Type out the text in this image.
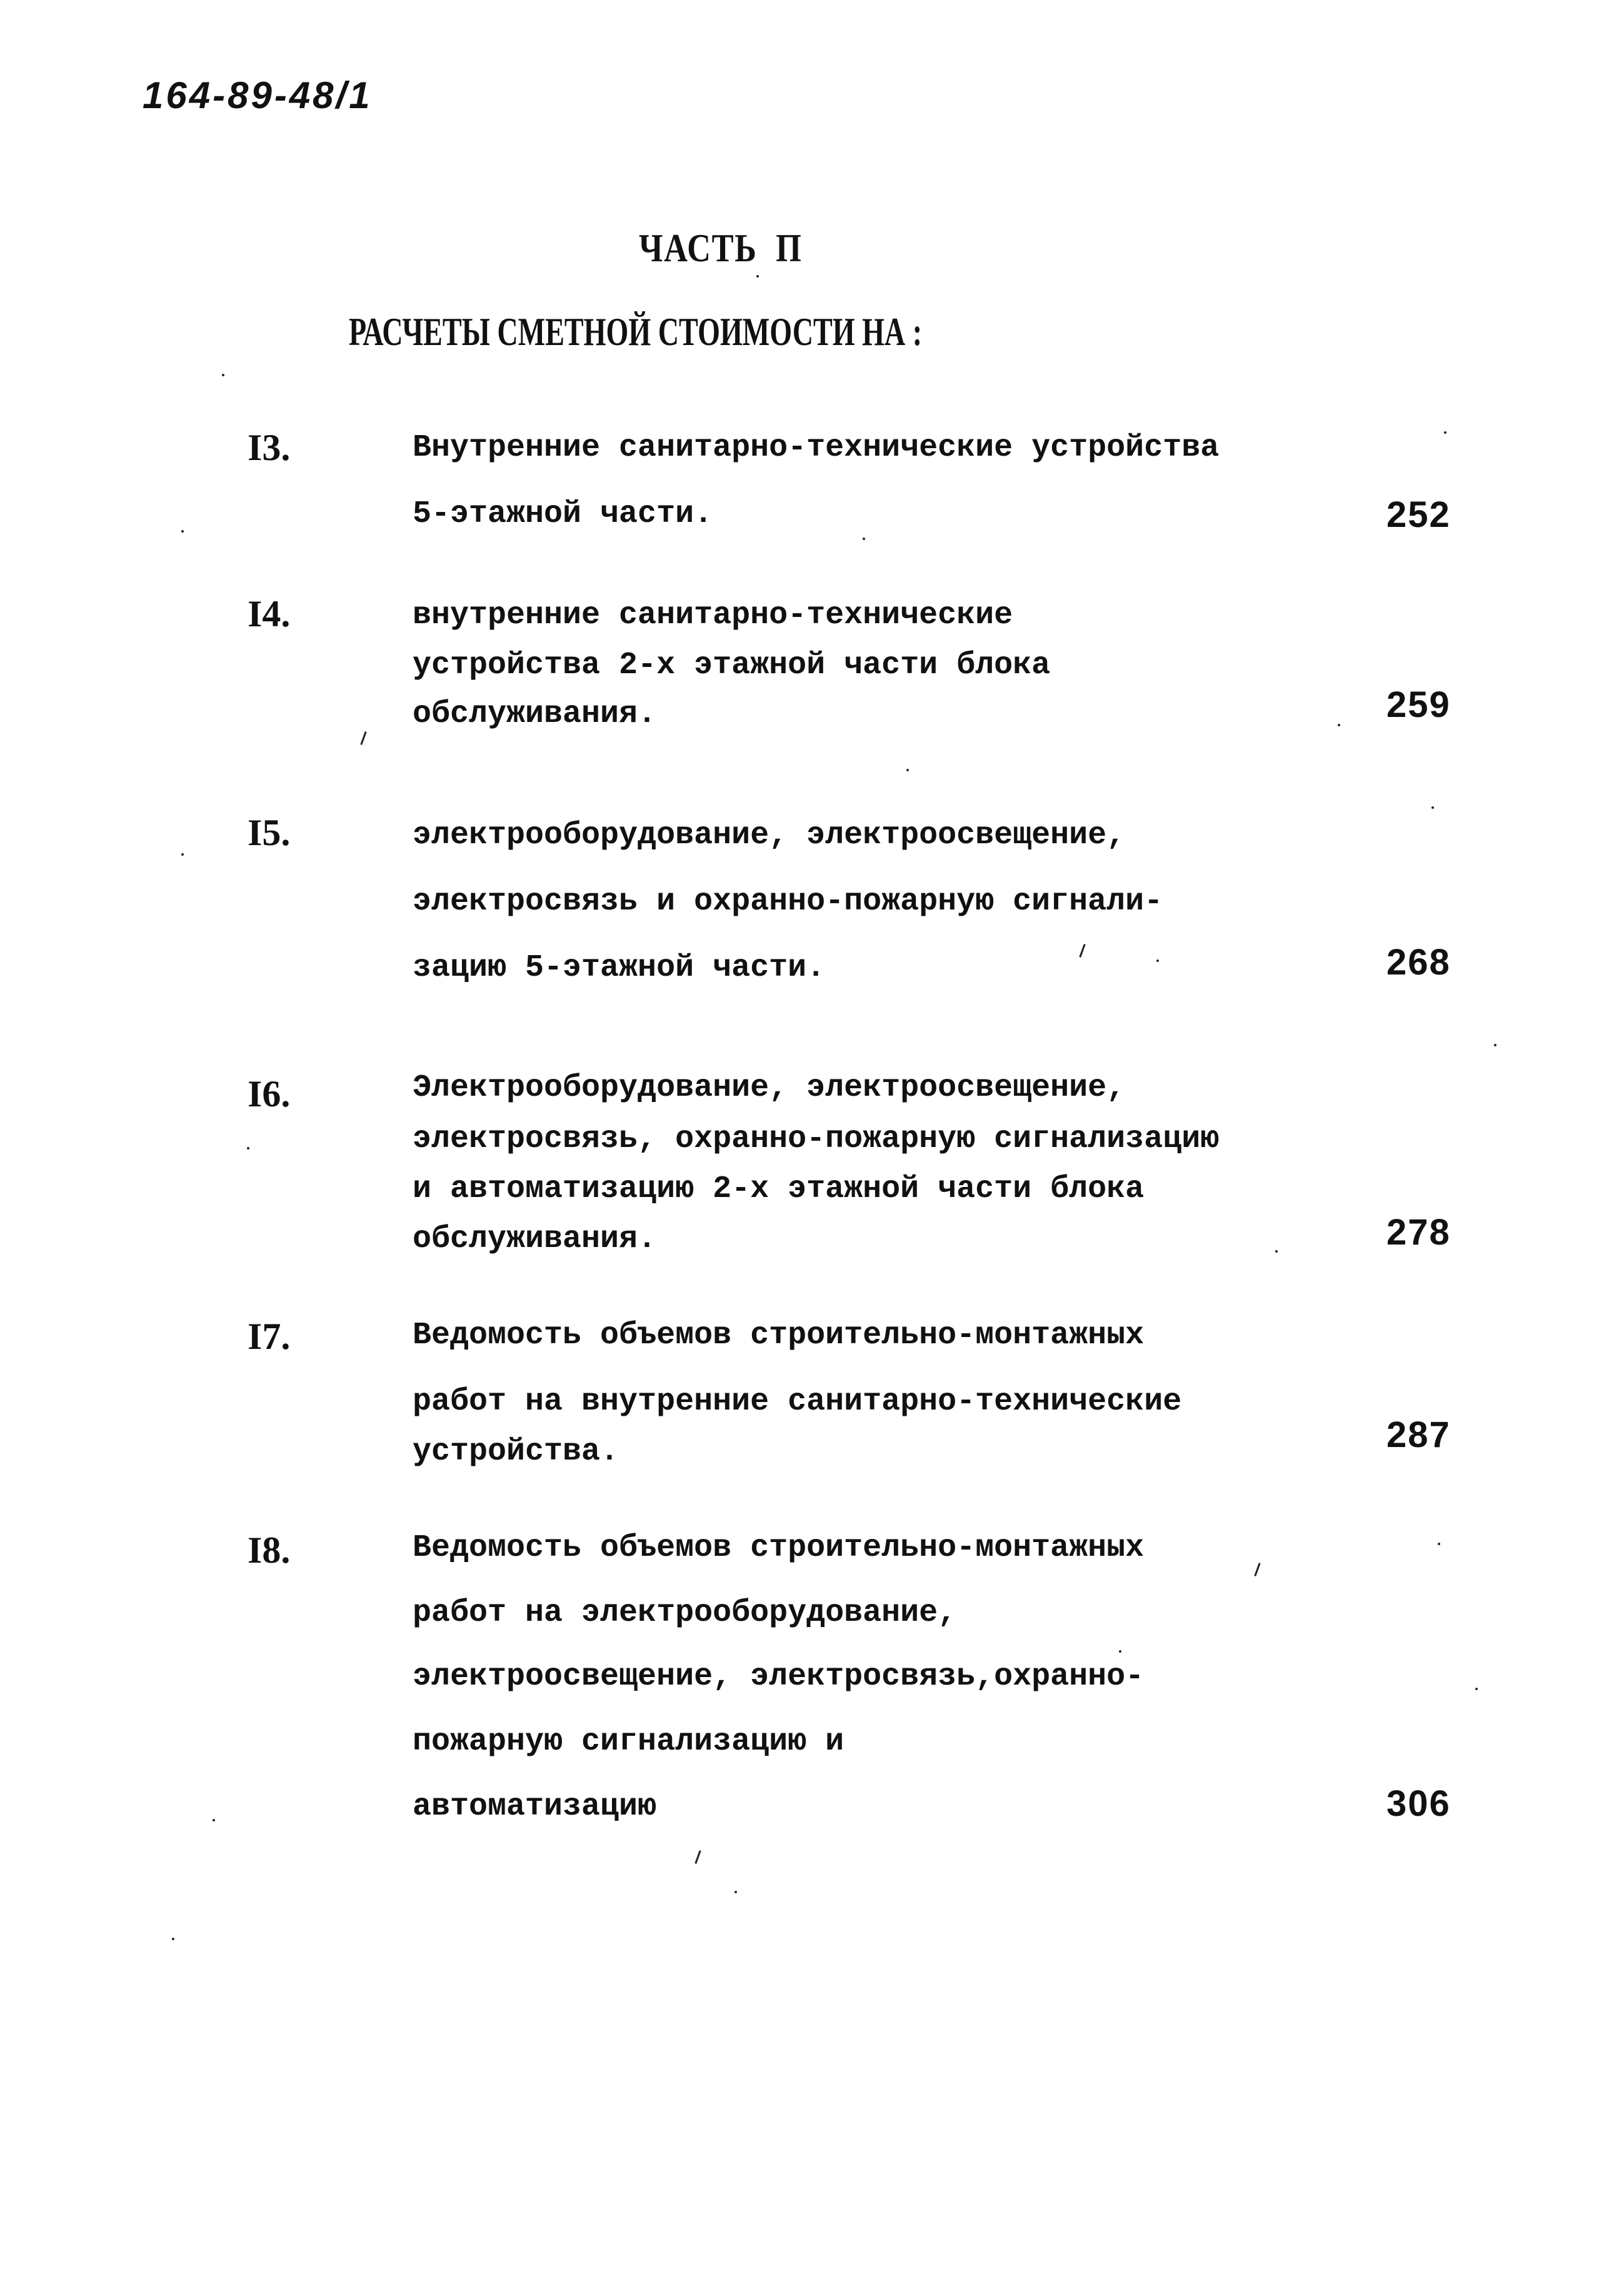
164-89-48/1
ЧАСТЬ  П
РАСЧЕТЫ СМЕТНОЙ СТОИМОСТИ НА :
I3.	Внутренние санитарно-технические устройства
5-этажной части.	252
I4.	внутренние санитарно-технические
устройства 2-х этажной части блока
обслуживания.	259
I5.	электрооборудование, электроосвещение,
электросвязь и охранно-пожарную сигнали-
зацию 5-этажной части.	268
I6.	Электрооборудование, электроосвещение,
электросвязь, охранно-пожарную сигнализацию
и автоматизацию 2-х этажной части блока
обслуживания.	278
I7.	Ведомость объемов строительно-монтажных
работ на внутренние санитарно-технические
устройства.	287
I8.	Ведомость объемов строительно-монтажных
работ на электрооборудование,
электроосвещение, электросвязь,охранно-
пожарную сигнализацию и
автоматизацию	306
